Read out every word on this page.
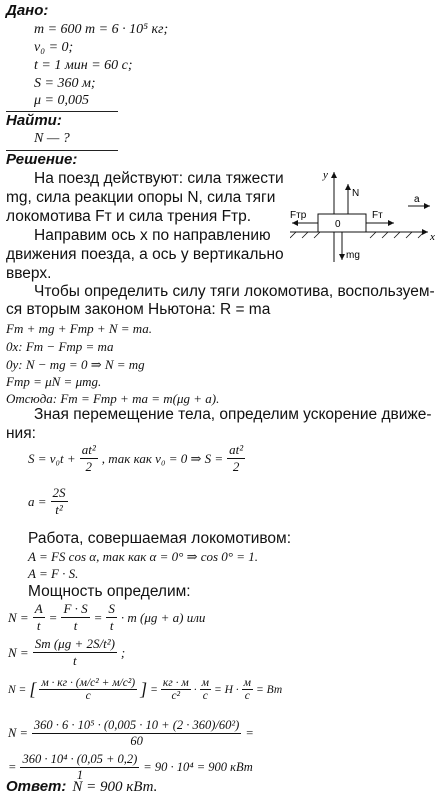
Дано:
m = 600 т = 6 · 10⁵ кг;
v₀ = 0;
t = 1 мин = 60 с;
S = 360 м;
μ = 0,005
Найти:
N — ?
Решение:
На поезд действуют: сила тяжести
mg, сила реакции опоры N, сила тяги
локомотива Fт и сила трения Fтр.
Направим ось x по направлению
движения поезда, а ось y вертикально
вверх.
y
N
0
Fтр	Fт
a
x
mg
Чтобы определить силу тяги локомотива, воспользуем-
ся вторым законом Ньютона: R = ma
Fт + mg + Fтр + N = ma.
0x: Fт − Fтр = ma
0y: N − mg = 0 ⇒ N = mg
Fтр = μN = μmg.
Отсюда: Fт = Fтр + ma = m(μg + a).
Зная перемещение тела, определим ускорение движе-
ния:
$S = v_0t + \frac{\text{at²}}{2}$ , так как v₀ = 0 ⇒ $S = \frac{\text{at²}}{2}$
$a = \frac{2S}{\text{t²}}$
Работа, совершаемая локомотивом:
A = FS cos α, так как α = 0° ⇒ cos 0° = 1.
A = F · S.
Мощность определим:
$N = \frac{A}{t} = \frac{F \cdot S}{t} = \frac{S}{t} \cdot m$ (μg + a) или
$N = \frac{\text{Sm (μg + 2S/t²)}}{t}$ ;
N = [ $\frac{\text{м · кг · (м/с² + м/с²)}}{с}$ ] = $\frac{кг \cdot м}{\text{с²}} \cdot \frac{м}{с} = Н \cdot \frac{м}{с}$ = Вт
$N = \frac{\text{360 · 6 · 10⁵ · (0,005 · 10 + (2 · 360)/60²)}}{60}$ =
= $\frac{\text{360 · 10⁴ · (0,05 + 0,2)}}{1} = 90 \cdot 10^4 = 900$ кВт
Ответ: N = 900 кВт.
